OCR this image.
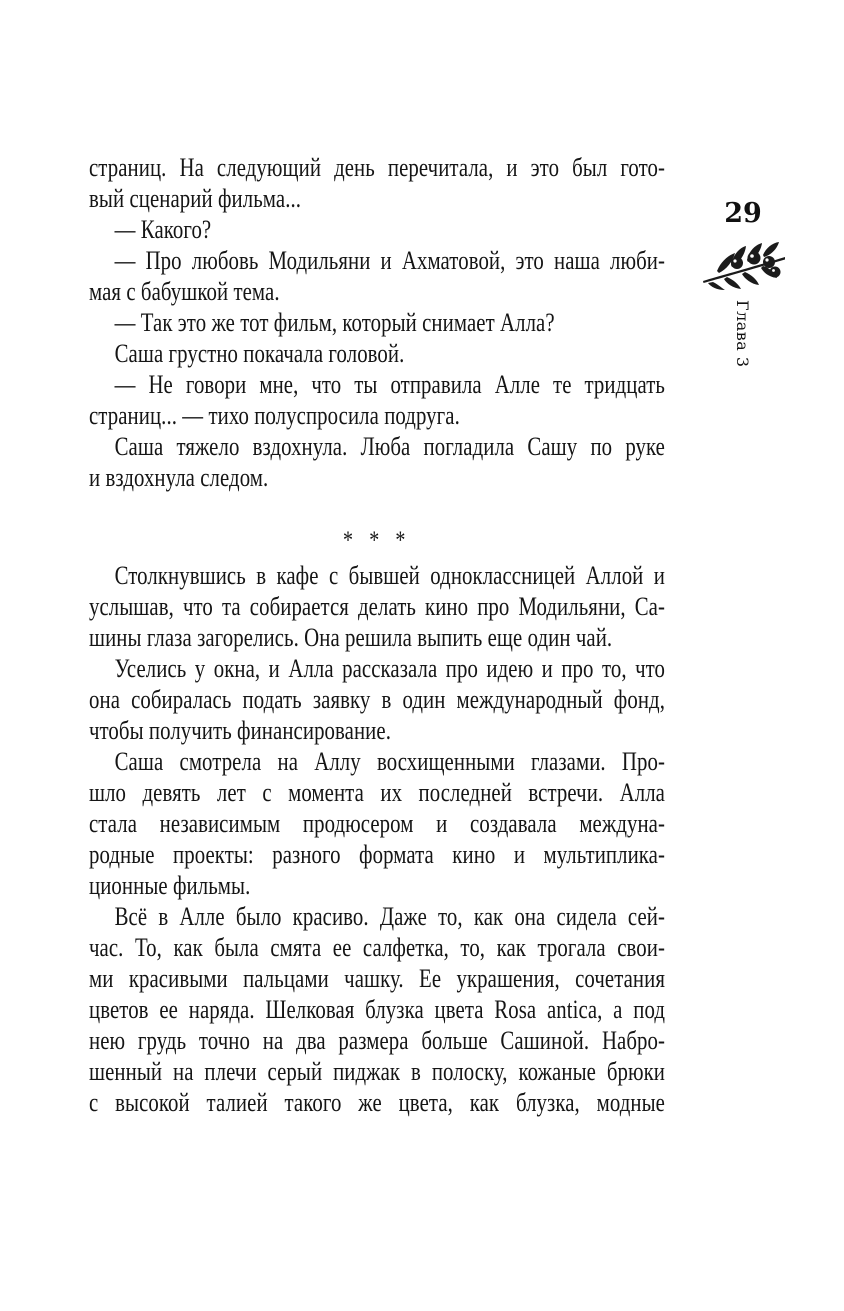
страниц. На следующий день перечитала, и это был гото-
вый сценарий фильма...

— Какого?

— Про любовь Модильяни и Ахматовой, это наша люби-
мая с бабушкой тема.

— Так это же тот фильм, который снимает Алла?

Саша грустно покачала головой.

— Не говори мне, что ты отправила Алле те тридцать
страниц... — тихо полуспросила подруга.

Саша тяжело вздохнула. Люба погладила Сашу по руке
и вздохнула следом.

* * *

Столкнувшись в кафе с бывшей одноклассницей Аллой и
услышав, что та собирается делать кино про Модильяни, Са-
шины глаза загорелись. Она решила выпить еще один чай.

Уселись у окна, и Алла рассказала про идею и про то, что
она собиралась подать заявку в один международный фонд,
чтобы получить финансирование.

Саша смотрела на Аллу восхищенными глазами. Про-
шло девять лет с момента их последней встречи. Алла
стала независимым продюсером и создавала междуна-
родные проекты: разного формата кино и мультиплика-
ционные фильмы.

Всё в Алле было красиво. Даже то, как она сидела сей-
час. То, как была смята ее салфетка, то, как трогала свои-
ми красивыми пальцами чашку. Ее украшения, сочетания
цветов ее наряда. Шелковая блузка цвета Rosa antica, а под
нею грудь точно на два размера больше Сашиной. Набро-
шенный на плечи серый пиджак в полоску, кожаные брюки
с высокой талией такого же цвета, как блузка, модные

29
Глава 3
